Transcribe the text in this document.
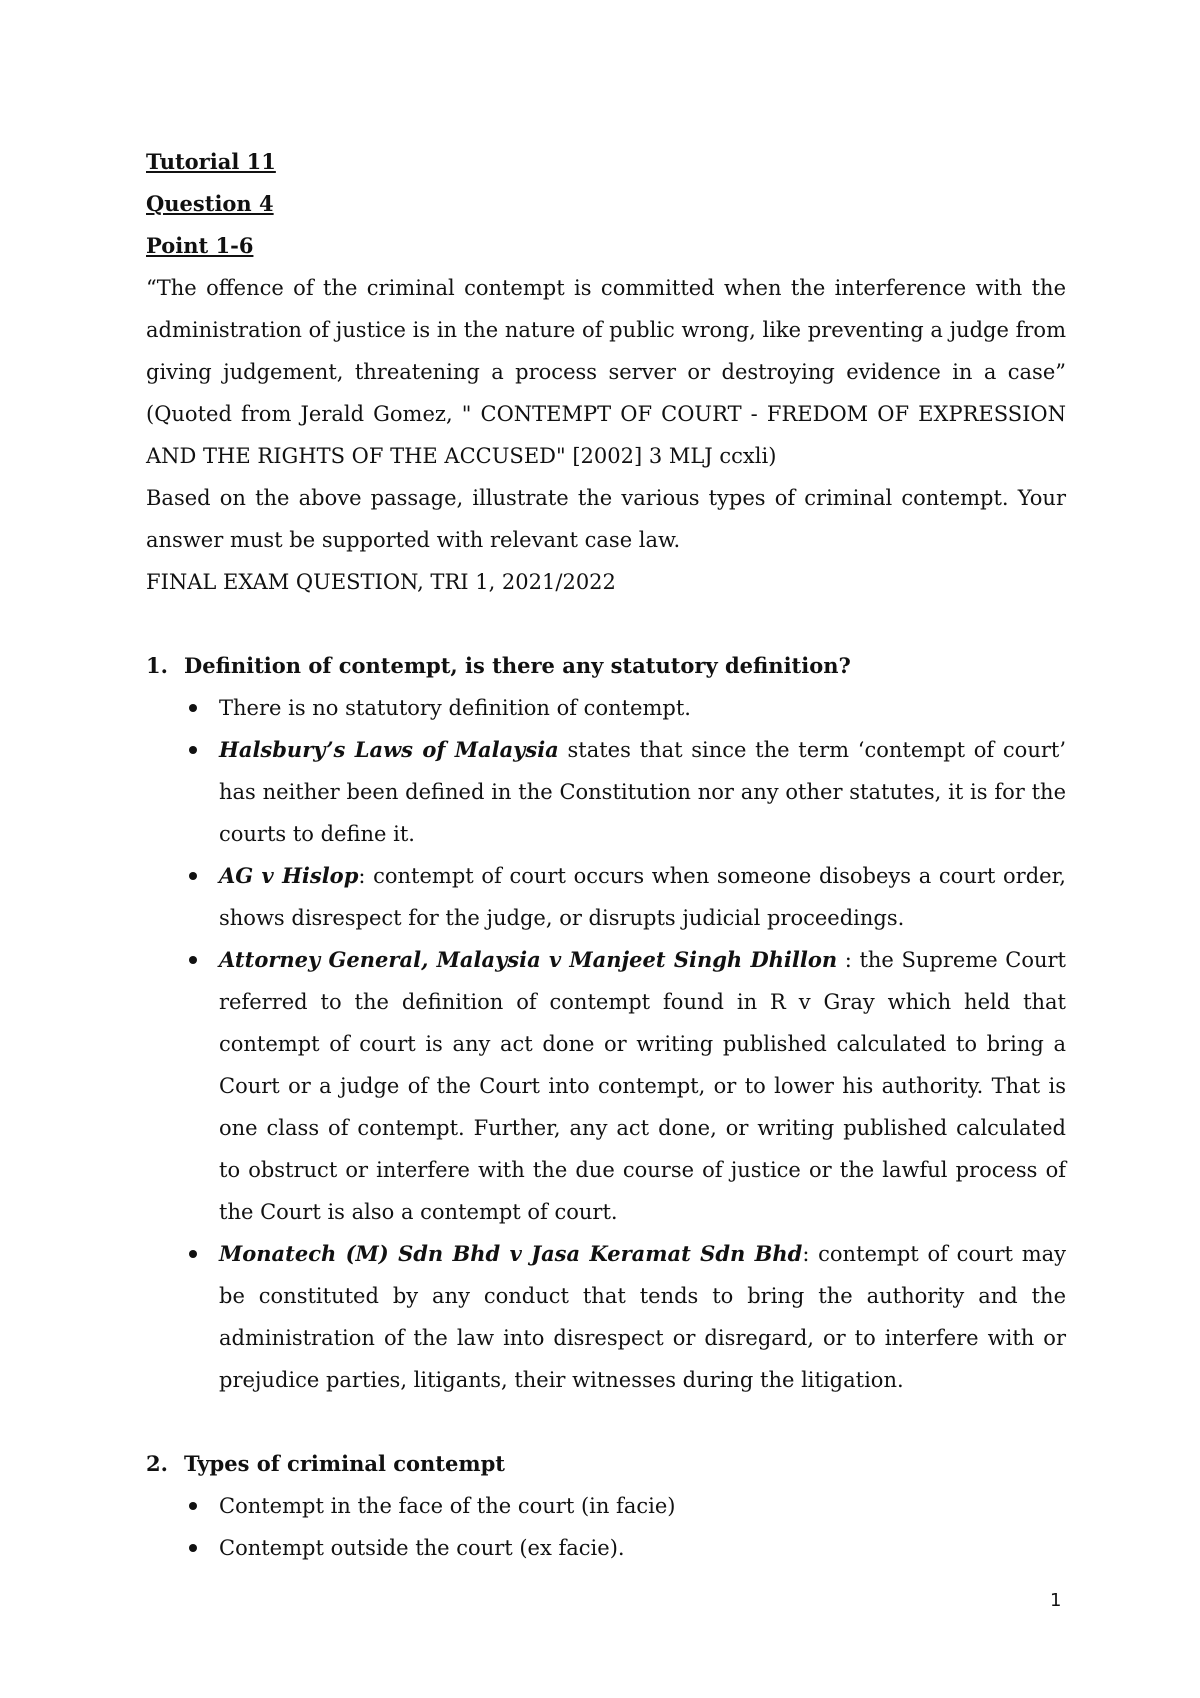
Tutorial 11

Question 4

Point 1-6

“The offence of the criminal contempt is committed when the interference with the administration of justice is in the nature of public wrong, like preventing a judge from giving judgement, threatening a process server or destroying evidence in a case” (Quoted from Jerald Gomez, " CONTEMPT OF COURT - FREDOM OF EXPRESSION AND THE RIGHTS OF THE ACCUSED" [2002] 3 MLJ ccxli)

Based on the above passage, illustrate the various types of criminal contempt. Your answer must be supported with relevant case law.

FINAL EXAM QUESTION, TRI 1, 2021/2022

1. Definition of contempt, is there any statutory definition?

There is no statutory definition of contempt.
Halsbury’s Laws of Malaysia states that since the term ‘contempt of court’ has neither been defined in the Constitution nor any other statutes, it is for the courts to define it.
AG v Hislop: contempt of court occurs when someone disobeys a court order, shows disrespect for the judge, or disrupts judicial proceedings.
Attorney General, Malaysia v Manjeet Singh Dhillon : the Supreme Court referred to the definition of contempt found in R v Gray which held that contempt of court is any act done or writing published calculated to bring a Court or a judge of the Court into contempt, or to lower his authority. That is one class of contempt. Further, any act done, or writing published calculated to obstruct or interfere with the due course of justice or the lawful process of the Court is also a contempt of court.
Monatech (M) Sdn Bhd v Jasa Keramat Sdn Bhd: contempt of court may be constituted by any conduct that tends to bring the authority and the administration of the law into disrespect or disregard, or to interfere with or prejudice parties, litigants, their witnesses during the litigation.

2. Types of criminal contempt

Contempt in the face of the court (in facie)
Contempt outside the court (ex facie).
1
